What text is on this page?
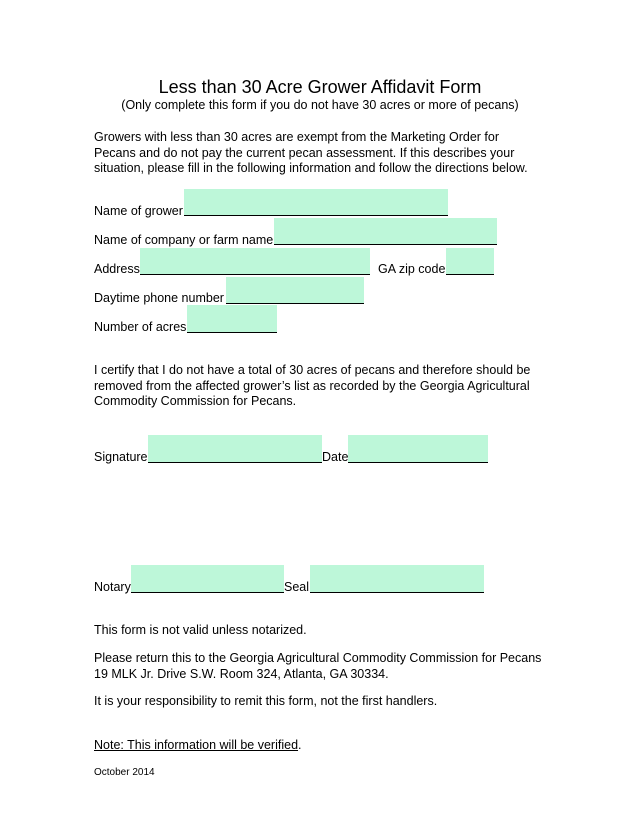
Less than 30 Acre Grower Affidavit Form
(Only complete this form if you do not have 30 acres or more of pecans)
Growers with less than 30 acres are exempt from the Marketing Order for
Pecans and do not pay the current pecan assessment. If this describes your
situation, please fill in the following information and follow the directions below.
Name of grower
Name of company or farm name
Address	GA zip code
Daytime phone number
Number of acres
I certify that I do not have a total of 30 acres of pecans and therefore should be
removed from the affected grower’s list as recorded by the Georgia Agricultural
Commodity Commission for Pecans.
Signature	Date
Notary	Seal
This form is not valid unless notarized.
Please return this to the Georgia Agricultural Commodity Commission for Pecans
19 MLK Jr. Drive S.W. Room 324, Atlanta, GA 30334.
It is your responsibility to remit this form, not the first handlers.
Note: This information will be verified.
October 2014
